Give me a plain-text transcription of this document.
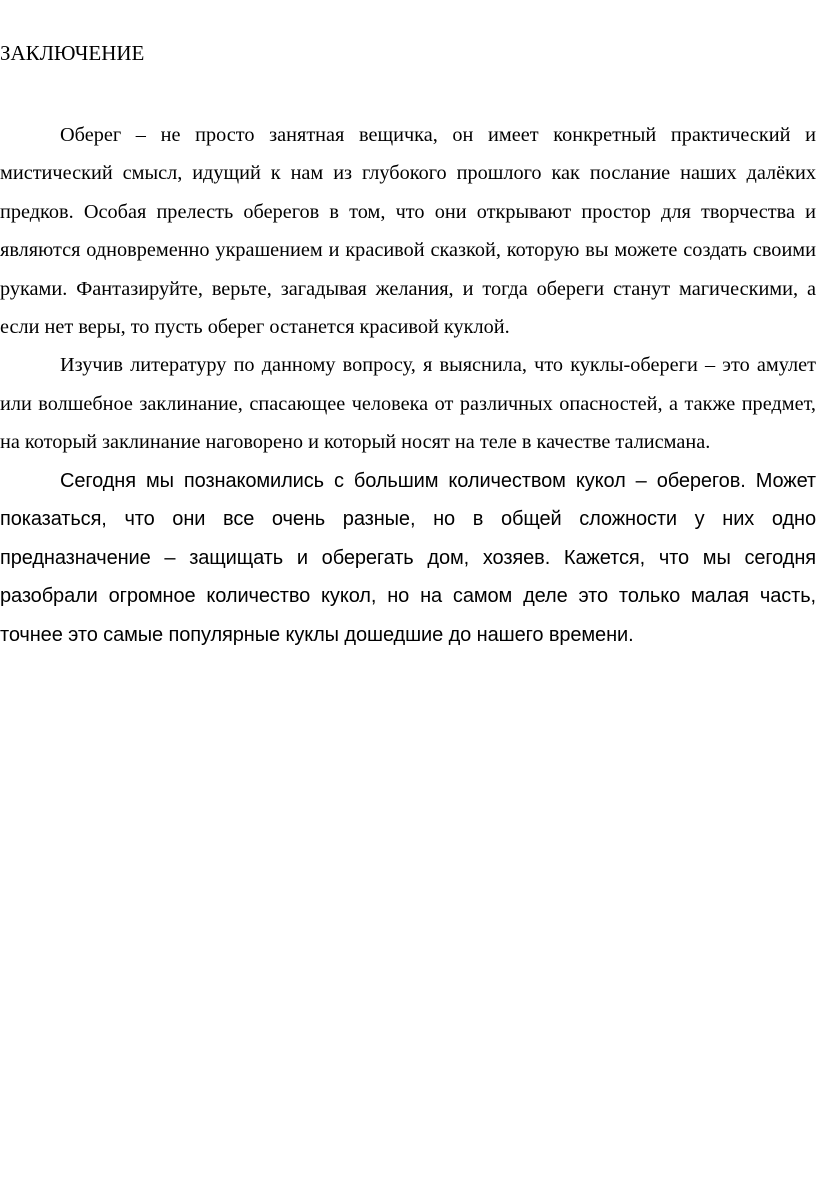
ЗАКЛЮЧЕНИЕ

Оберег – не просто занятная вещичка, он имеет конкретный практический и мистический смысл, идущий к нам из глубокого прошлого как послание наших далёких предков. Особая прелесть оберегов в том, что они открывают простор для творчества и являются одновременно украшением и красивой сказкой, которую вы можете создать своими руками. Фантазируйте, верьте, загадывая желания, и тогда обереги станут магическими, а если нет веры, то пусть оберег останется красивой куклой.

Изучив литературу по данному вопросу, я выяснила, что куклы-обереги – это амулет или волшебное заклинание, спасающее человека от различных опасностей, а также предмет, на который заклинание наговорено и который носят на теле в качестве талисмана.

Сегодня мы познакомились с большим количеством кукол – оберегов. Может показаться, что они все очень разные, но в общей сложности у них одно предназначение – защищать и оберегать дом, хозяев. Кажется, что мы сегодня разобрали огромное количество кукол, но на самом деле это только малая часть, точнее это самые популярные куклы дошедшие до нашего времени.
